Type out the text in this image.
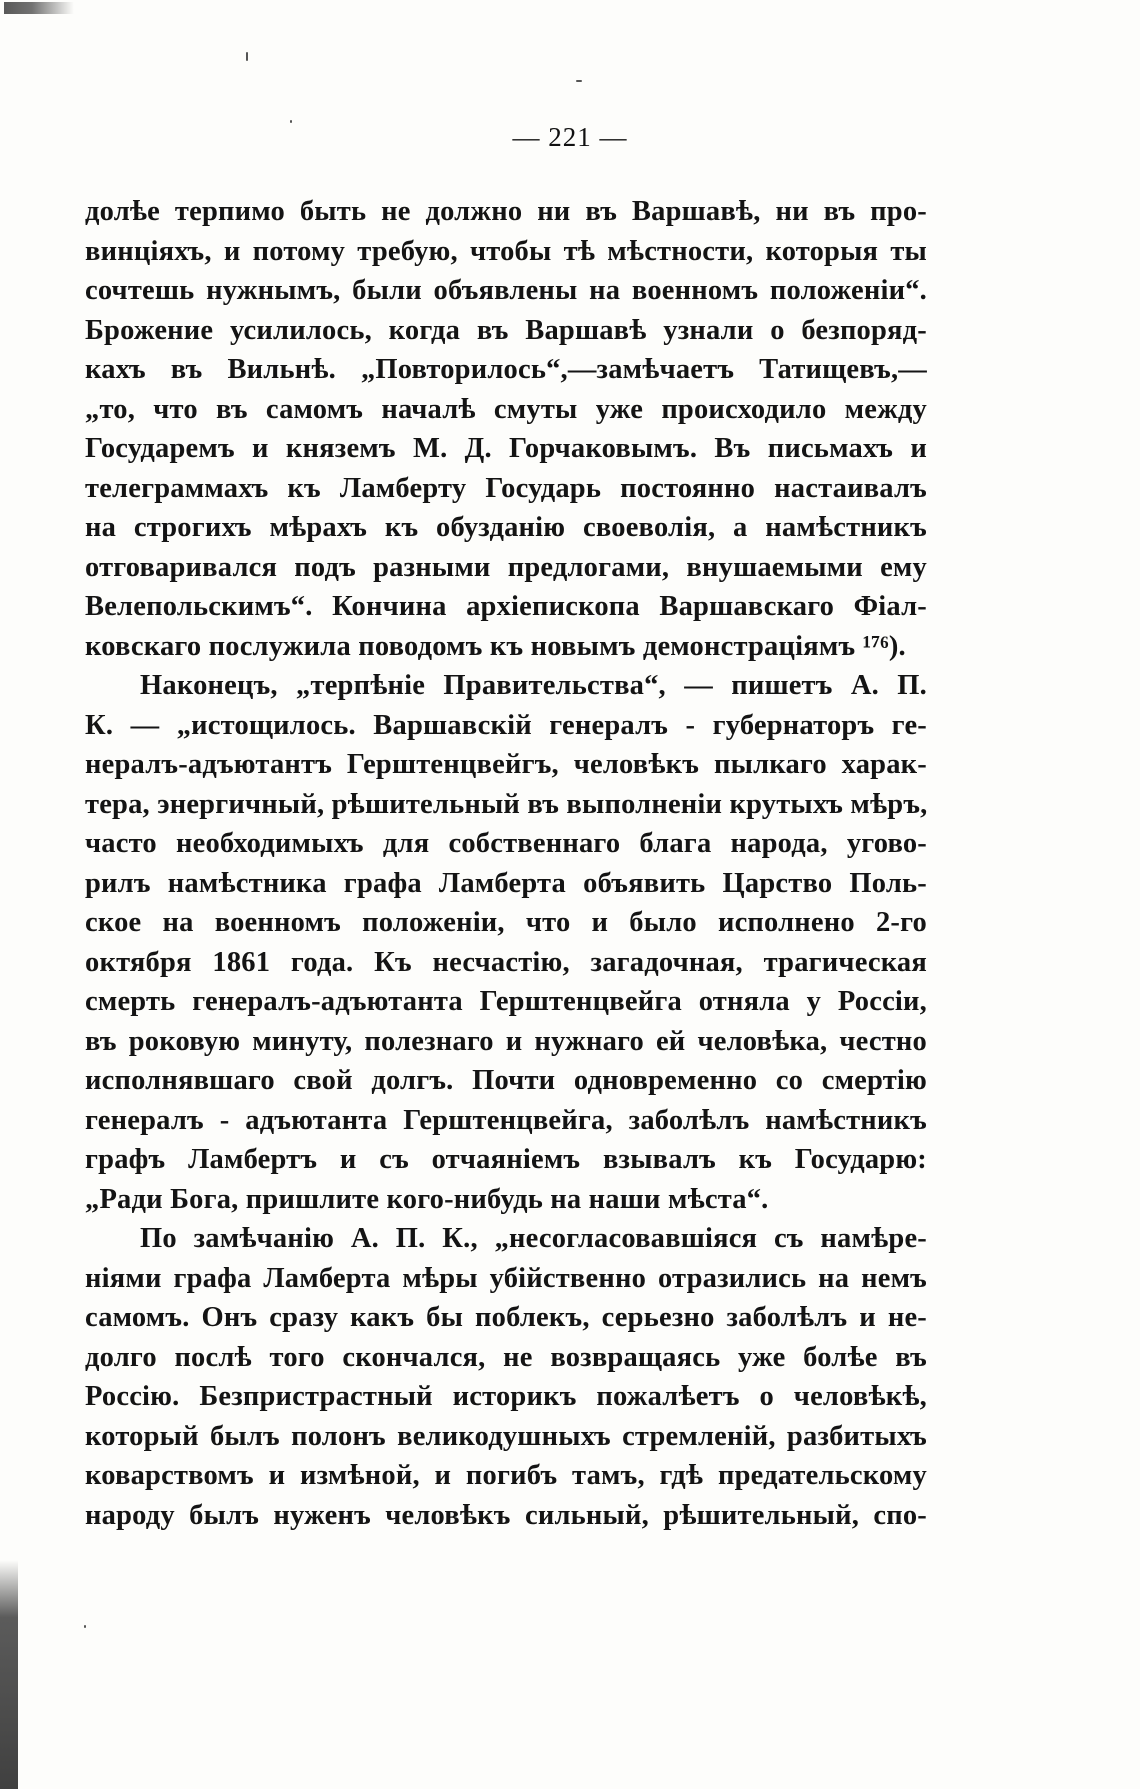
— 221 —
долѣе терпимо быть не должно ни въ Варшавѣ, ни въ про-
винціяхъ, и потому требую, чтобы тѣ мѣстности, которыя ты
сочтешь нужнымъ, были объявлены на военномъ положеніи“.
Брожение усилилось, когда въ Варшавѣ узнали о безпоряд-
кахъ въ Вильнѣ. „Повторилось“,—замѣчаетъ Татищевъ,—
„то, что въ самомъ началѣ смуты уже происходило между
Государемъ и княземъ М. Д. Горчаковымъ. Въ письмахъ и
телеграммахъ къ Ламберту Государь постоянно настаивалъ
на строгихъ мѣрахъ къ обузданію своеволія, а намѣстникъ
отговаривался подъ разными предлогами, внушаемыми ему
Велепольскимъ“. Кончина архіепископа Варшавскаго Фіал-
ковскаго послужила поводомъ къ новымъ демонстраціямъ ¹⁷⁶).
Наконецъ, „терпѣніе Правительства“, — пишетъ А. П.
К. — „истощилось. Варшавскій генералъ - губернаторъ ге-
нералъ-адъютантъ Герштенцвейгъ, человѣкъ пылкаго харак-
тера, энергичный, рѣшительный въ выполненіи крутыхъ мѣръ,
часто необходимыхъ для собственнаго блага народа, угово-
рилъ намѣстника графа Ламберта объявить Царство Поль-
ское на военномъ положеніи, что и было исполнено 2-го
октября 1861 года. Къ несчастію, загадочная, трагическая
смерть генералъ-адъютанта Герштенцвейга отняла у Россіи,
въ роковую минуту, полезнаго и нужнаго ей человѣка, честно
исполнявшаго свой долгъ. Почти одновременно со смертію
генералъ - адъютанта Герштенцвейга, заболѣлъ намѣстникъ
графъ Ламбертъ и съ отчаяніемъ взывалъ къ Государю:
„Ради Бога, пришлите кого-нибудь на наши мѣста“.
По замѣчанію А. П. К., „несогласовавшіяся съ намѣре-
ніями графа Ламберта мѣры убійственно отразились на немъ
самомъ. Онъ сразу какъ бы поблекъ, серьезно заболѣлъ и не-
долго послѣ того скончался, не возвращаясь уже болѣе въ
Россію. Безпристрастный историкъ пожалѣетъ о человѣкѣ,
который былъ полонъ великодушныхъ стремленій, разбитыхъ
коварствомъ и измѣной, и погибъ тамъ, гдѣ предательскому
народу былъ нуженъ человѣкъ сильный, рѣшительный, спо-
